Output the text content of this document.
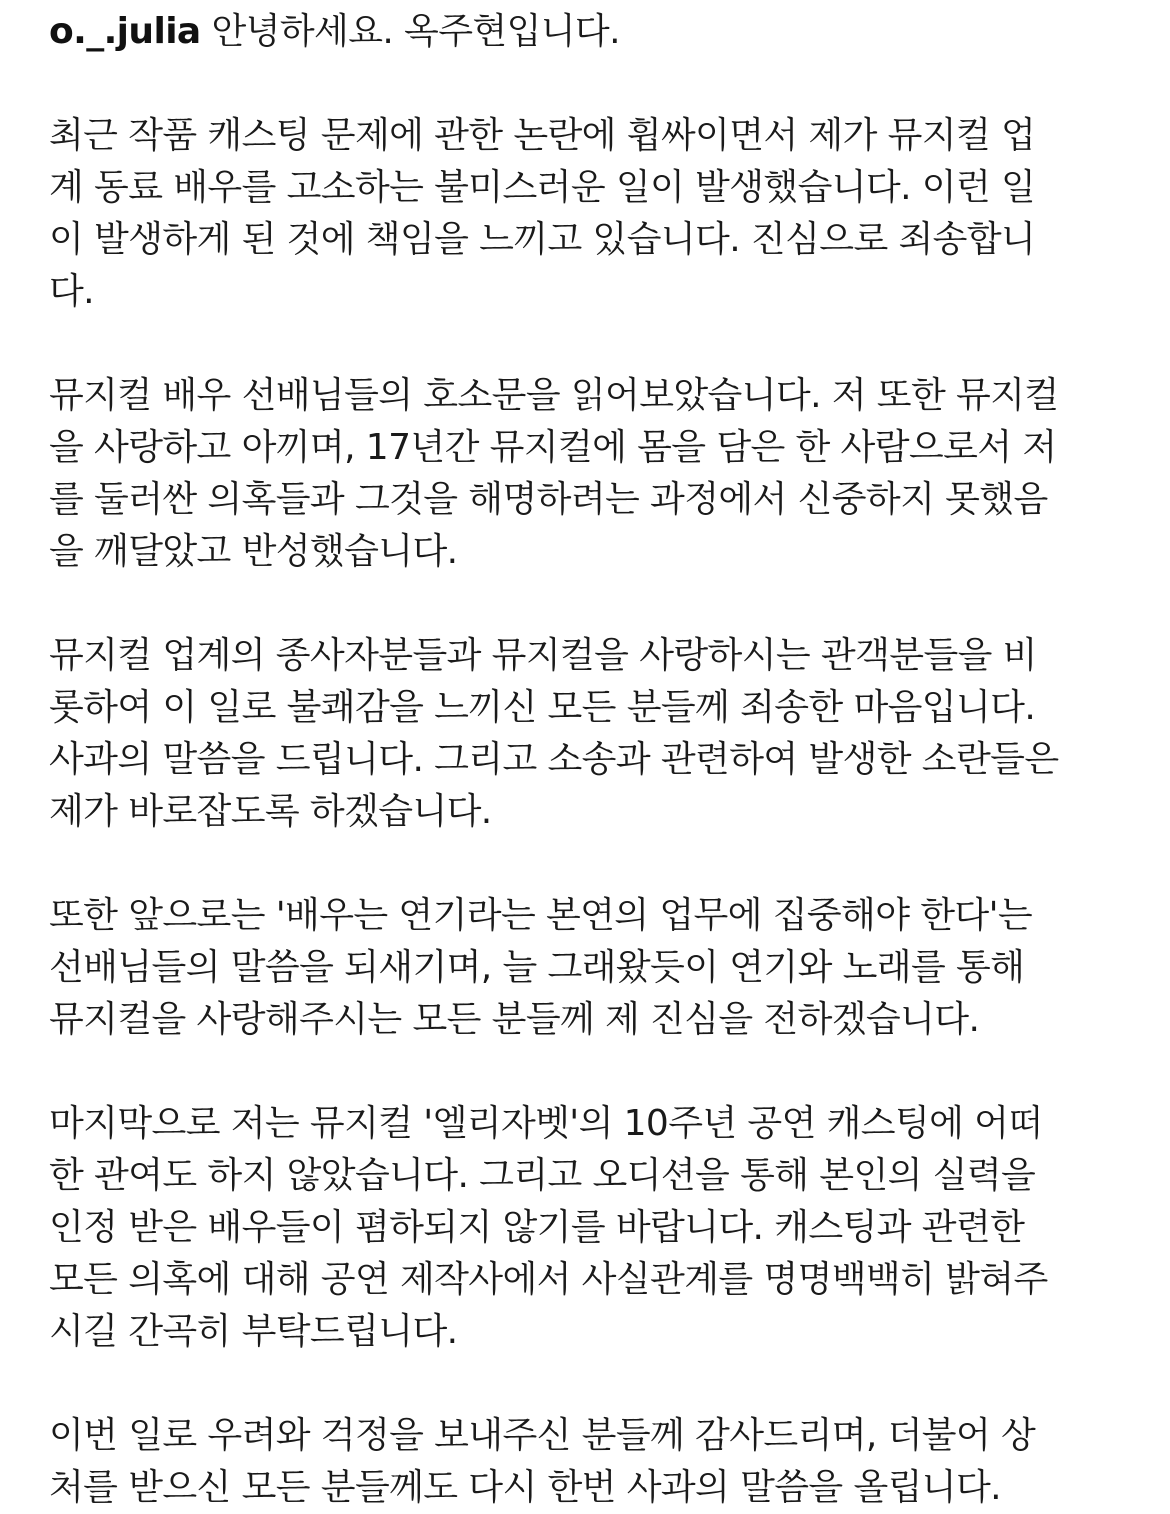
o._.julia 안녕하세요. 옥주현입니다.

최근 작품 캐스팅 문제에 관한 논란에 휩싸이면서 제가 뮤지컬 업
계 동료 배우를 고소하는 불미스러운 일이 발생했습니다. 이런 일
이 발생하게 된 것에 책임을 느끼고 있습니다. 진심으로 죄송합니
다.

뮤지컬 배우 선배님들의 호소문을 읽어보았습니다. 저 또한 뮤지컬
을 사랑하고 아끼며, 17년간 뮤지컬에 몸을 담은 한 사람으로서 저
를 둘러싼 의혹들과 그것을 해명하려는 과정에서 신중하지 못했음
을 깨달았고 반성했습니다.

뮤지컬 업계의 종사자분들과 뮤지컬을 사랑하시는 관객분들을 비
롯하여 이 일로 불쾌감을 느끼신 모든 분들께 죄송한 마음입니다.
사과의 말씀을 드립니다. 그리고 소송과 관련하여 발생한 소란들은
제가 바로잡도록 하겠습니다.

또한 앞으로는 '배우는 연기라는 본연의 업무에 집중해야 한다'는
선배님들의 말씀을 되새기며, 늘 그래왔듯이 연기와 노래를 통해
뮤지컬을 사랑해주시는 모든 분들께 제 진심을 전하겠습니다.

마지막으로 저는 뮤지컬 '엘리자벳'의 10주년 공연 캐스팅에 어떠
한 관여도 하지 않았습니다. 그리고 오디션을 통해 본인의 실력을
인정 받은 배우들이 폄하되지 않기를 바랍니다. 캐스팅과 관련한
모든 의혹에 대해 공연 제작사에서 사실관계를 명명백백히 밝혀주
시길 간곡히 부탁드립니다.

이번 일로 우려와 걱정을 보내주신 분들께 감사드리며, 더불어 상
처를 받으신 모든 분들께도 다시 한번 사과의 말씀을 올립니다.
